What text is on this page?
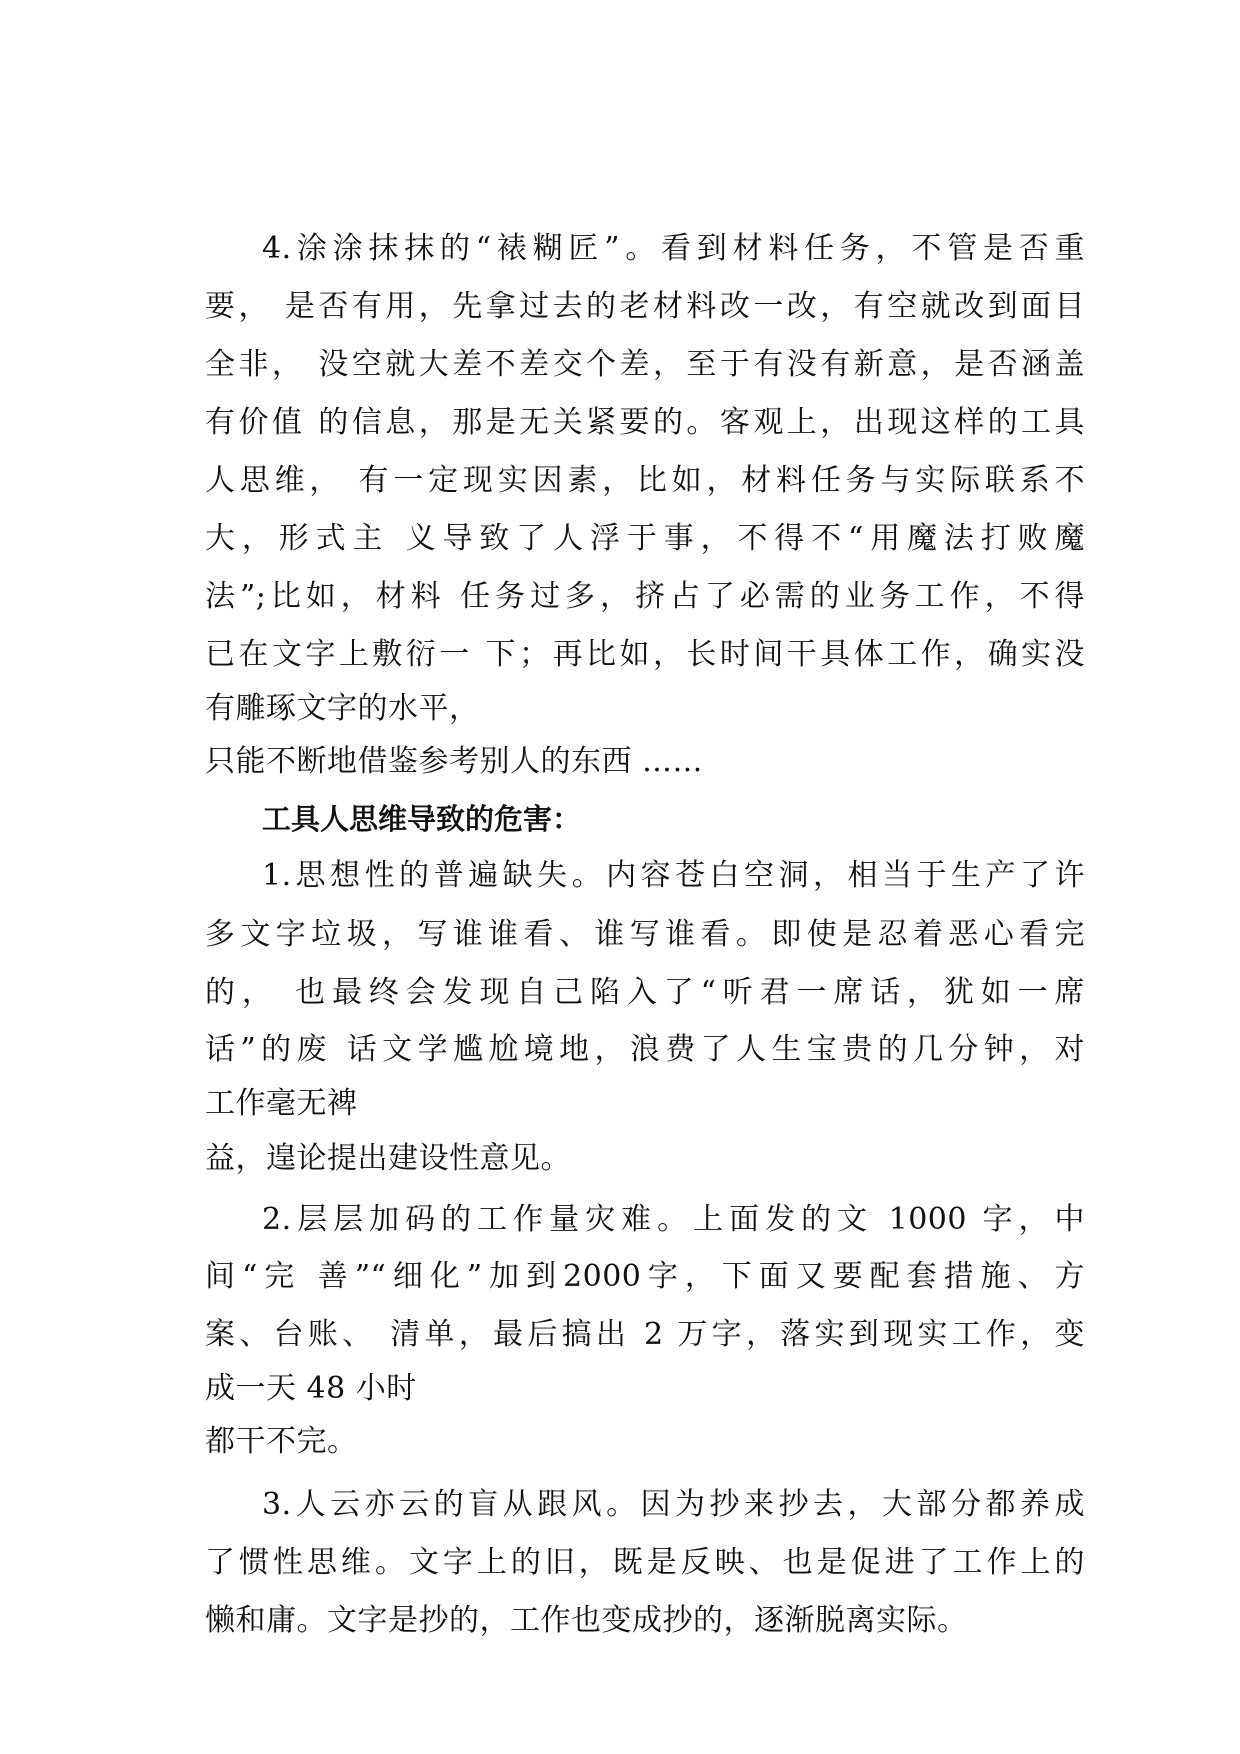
4.涂涂抹抹的“裱糊匠”。看到材料任务，不管是否重
要， 是否有用，先拿过去的老材料改一改，有空就改到面目
全非， 没空就大差不差交个差，至于有没有新意，是否涵盖
有价值 的信息，那是无关紧要的。客观上，出现这样的工具
人思维， 有一定现实因素，比如，材料任务与实际联系不
大，形式主 义导致了人浮于事，不得不“用魔法打败魔
法”;比如，材料 任务过多，挤占了必需的业务工作，不得
已在文字上敷衍一 下；再比如，长时间干具体工作，确实没
有雕琢文字的水平，
只能不断地借鉴参考别人的东西 ……
工具人思维导致的危害：
1.思想性的普遍缺失。内容苍白空洞，相当于生产了许
多文字垃圾，写谁谁看、谁写谁看。即使是忍着恶心看完
的， 也最终会发现自己陷入了“听君一席话，犹如一席
话”的废 话文学尴尬境地，浪费了人生宝贵的几分钟，对
工作毫无裨
益，遑论提出建设性意见。
2.层层加码的工作量灾难。上面发的文 1000 字，中
间“完 善”“细化”加到2000字，下面又要配套措施、方
案、台账、 清单，最后搞出 2 万字，落实到现实工作，变
成一天 48 小时
都干不完。
3.人云亦云的盲从跟风。因为抄来抄去，大部分都养成
了惯性思维。文字上的旧，既是反映、也是促进了工作上的
懒和庸。文字是抄的，工作也变成抄的，逐渐脱离实际。
